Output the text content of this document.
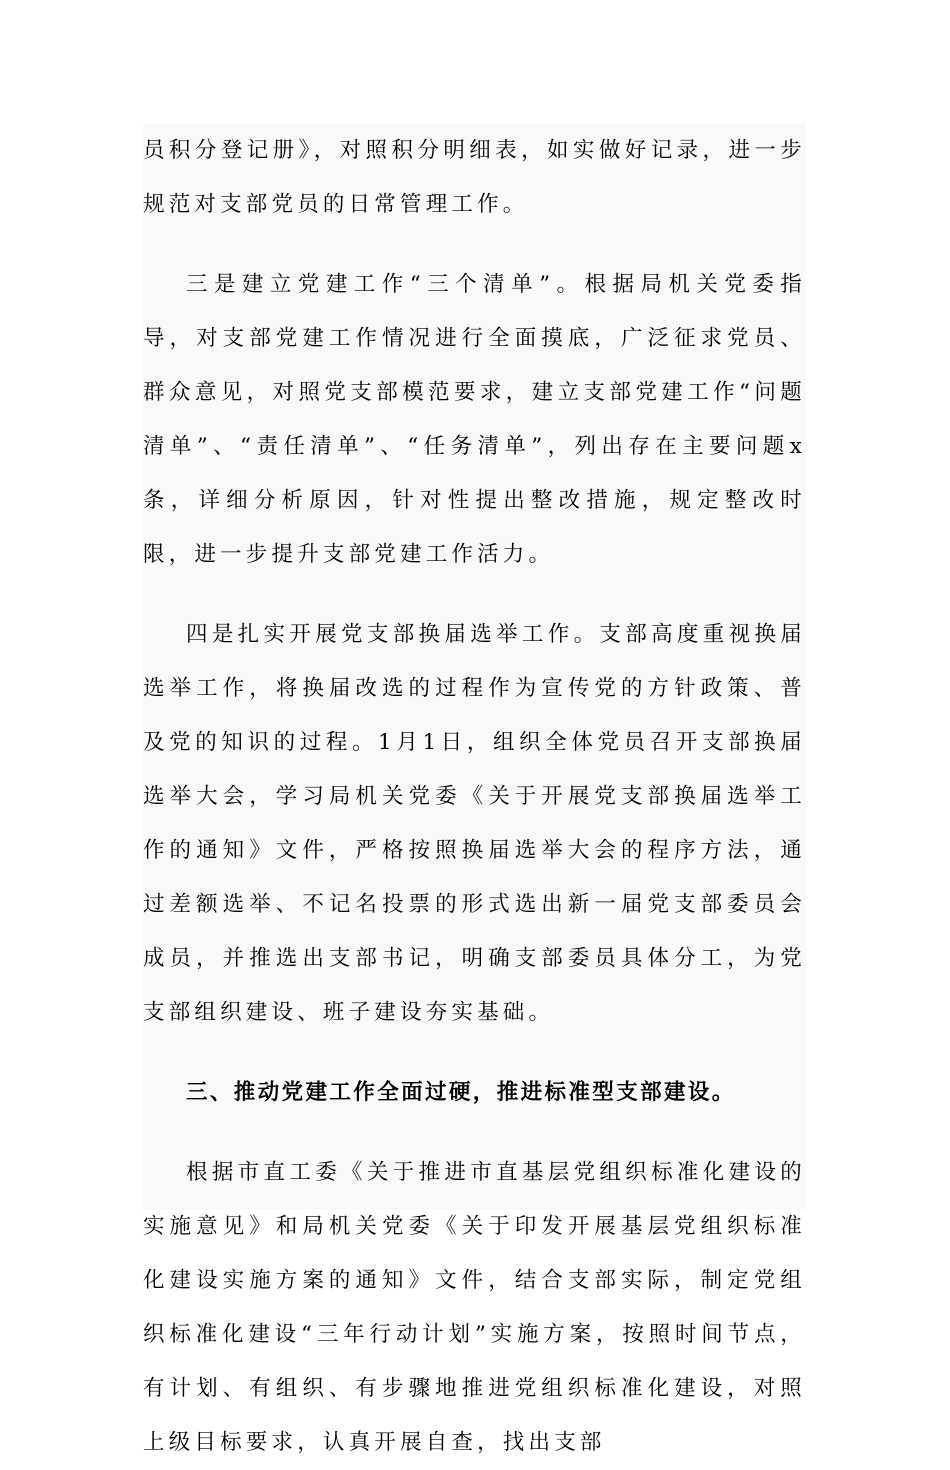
员积分登记册》，对照积分明细表，如实做好记录，进一步规范对支部党员的日常管理工作。

三是建立党建工作“三个清单”。根据局机关党委指导，对支部党建工作情况进行全面摸底，广泛征求党员、群众意见，对照党支部模范要求，建立支部党建工作“问题清单”、“责任清单”、“任务清单”，列出存在主要问题x条，详细分析原因，针对性提出整改措施，规定整改时限，进一步提升支部党建工作活力。

四是扎实开展党支部换届选举工作。支部高度重视换届选举工作，将换届改选的过程作为宣传党的方针政策、普及党的知识的过程。1月1日，组织全体党员召开支部换届选举大会，学习局机关党委《关于开展党支部换届选举工作的通知》文件，严格按照换届选举大会的程序方法，通过差额选举、不记名投票的形式选出新一届党支部委员会成员，并推选出支部书记，明确支部委员具体分工，为党支部组织建设、班子建设夯实基础。

三、推动党建工作全面过硬，推进标准型支部建设。

根据市直工委《关于推进市直基层党组织标准化建设的实施意见》和局机关党委《关于印发开展基层党组织标准化建设实施方案的通知》文件，结合支部实际，制定党组织标准化建设“三年行动计划”实施方案，按照时间节点，有计划、有组织、有步骤地推进党组织标准化建设，对照上级目标要求，认真开展自查，找出支部
